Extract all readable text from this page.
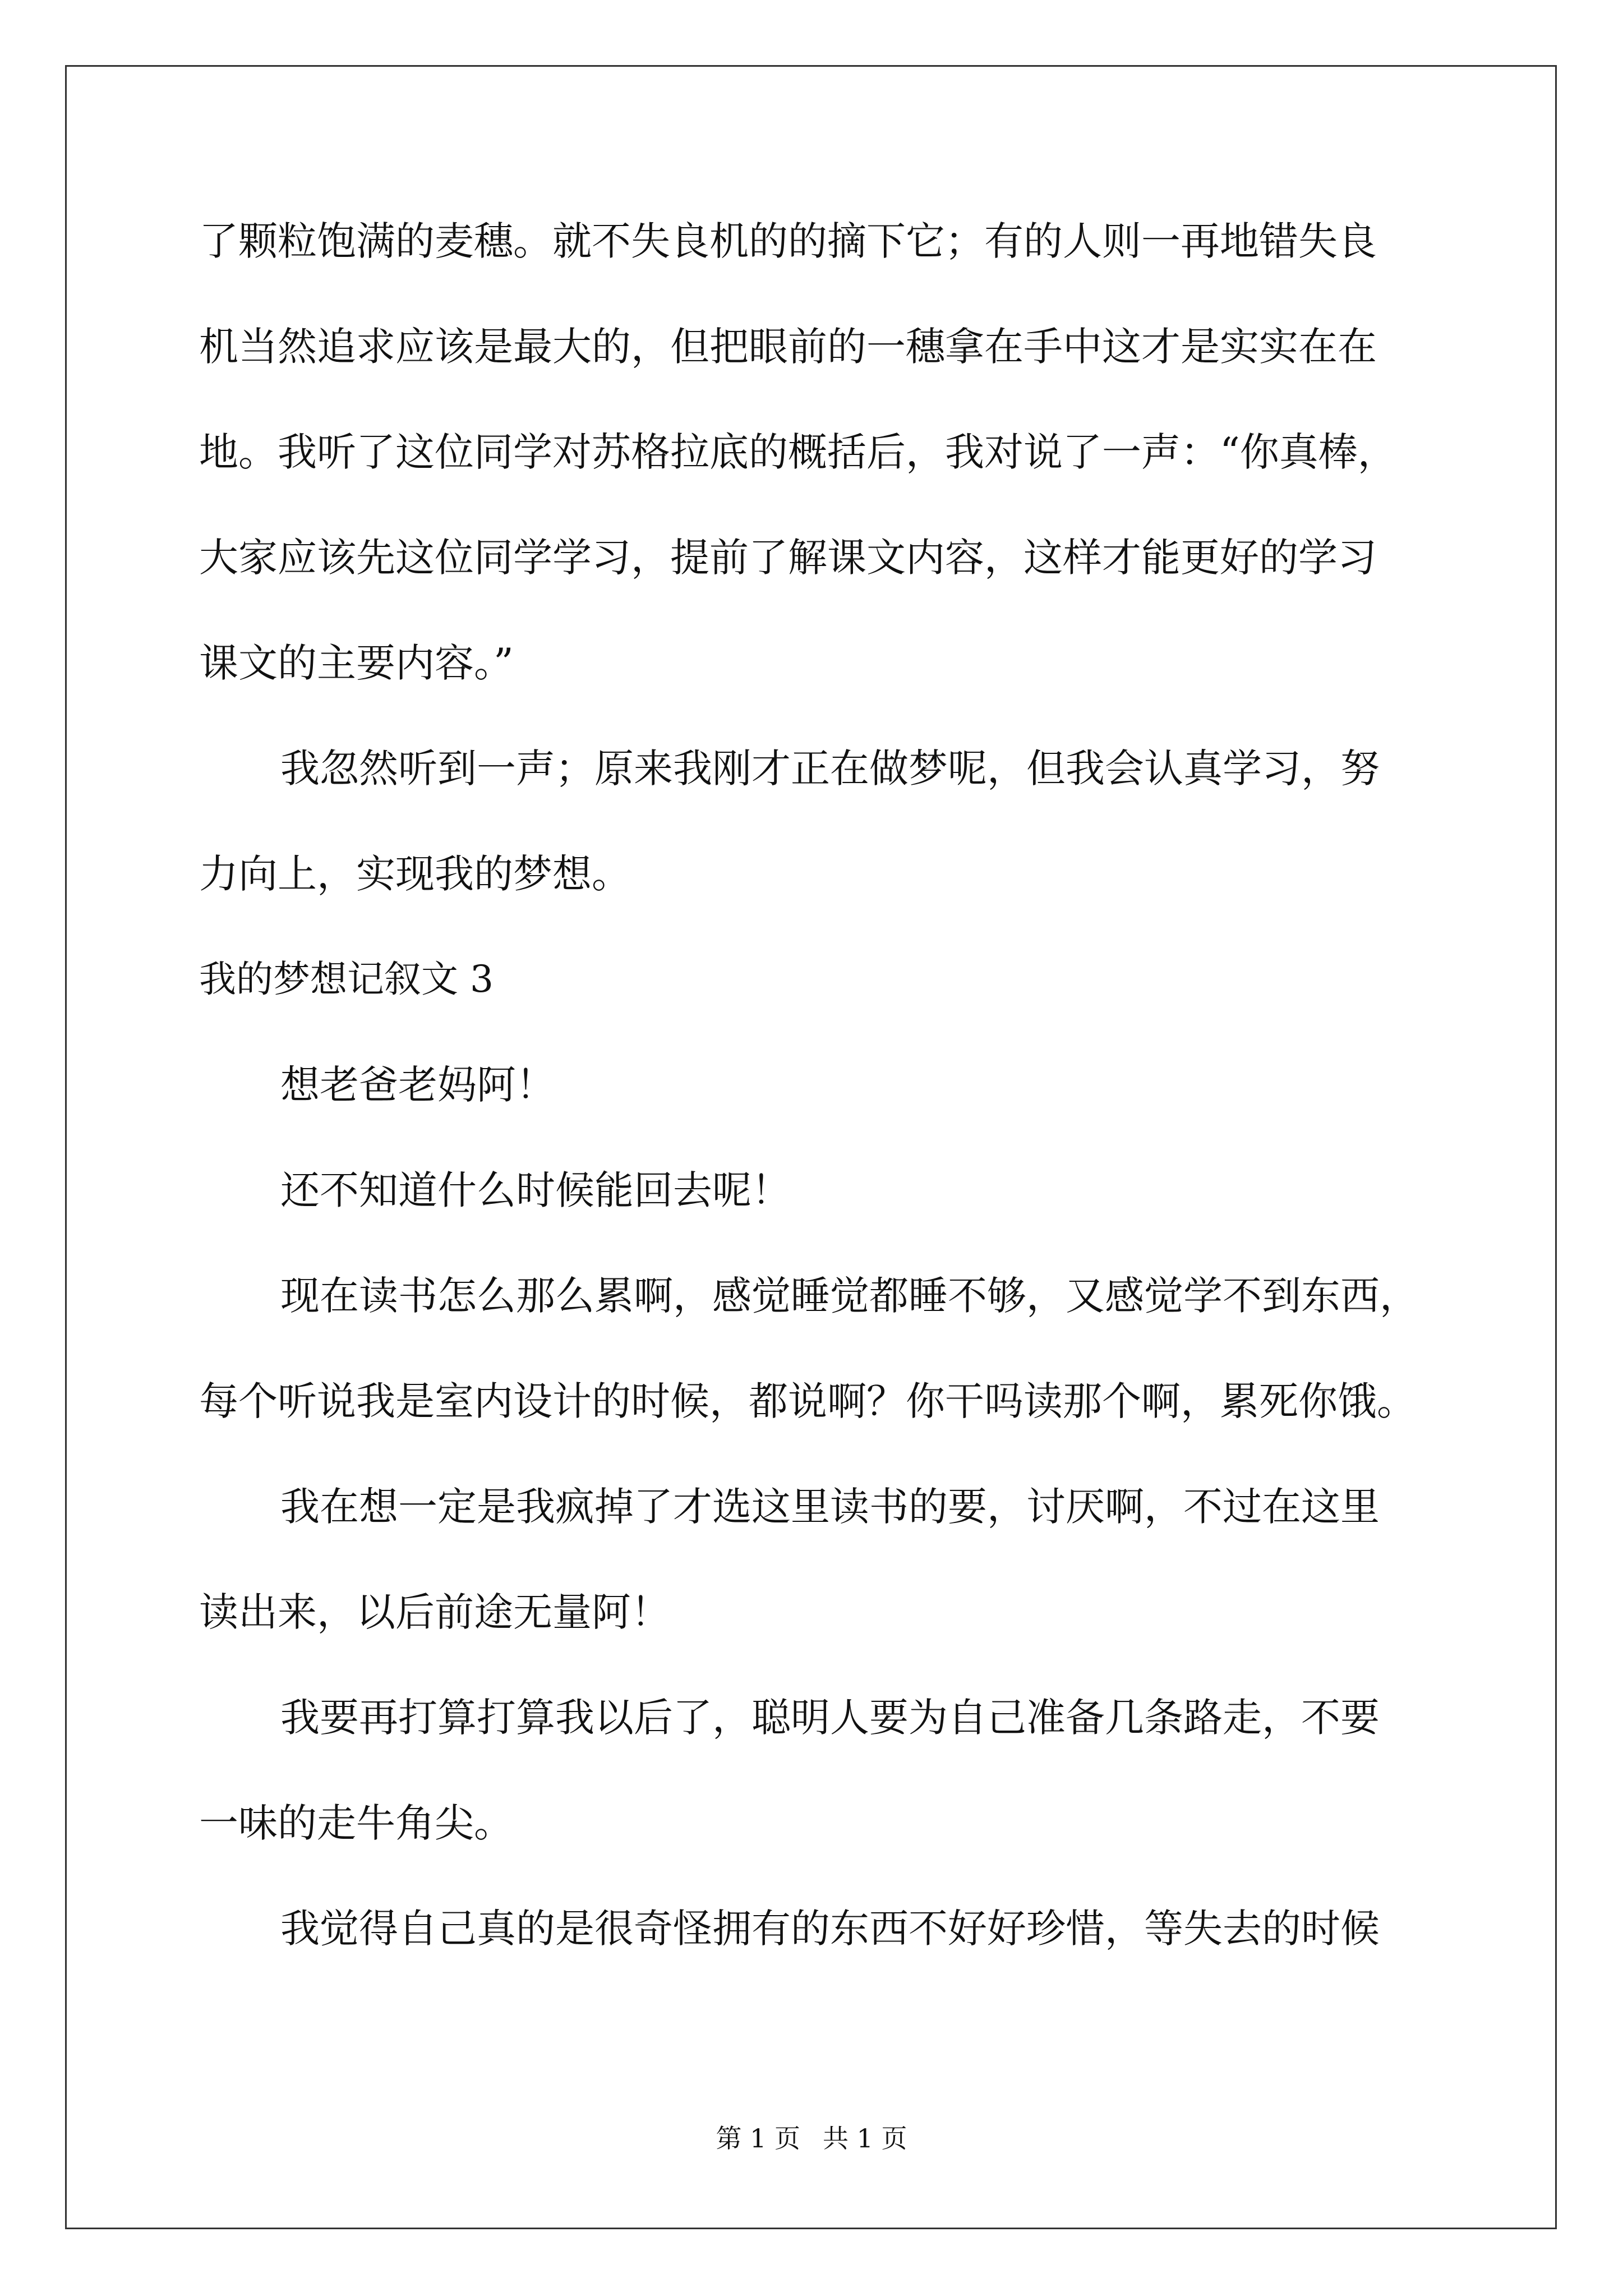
了颗粒饱满的麦穗。就不失良机的的摘下它；有的人则一再地错失良
机当然追求应该是最大的，但把眼前的一穗拿在手中这才是实实在在
地。我听了这位同学对苏格拉底的概括后，我对说了一声：“你真棒，
大家应该先这位同学学习，提前了解课文内容，这样才能更好的学习
课文的主要内容。”
我忽然听到一声；原来我刚才正在做梦呢，但我会认真学习，努
力向上，实现我的梦想。
我的梦想记叙文 3
想老爸老妈阿！
还不知道什么时候能回去呢！
现在读书怎么那么累啊，感觉睡觉都睡不够，又感觉学不到东西，
每个听说我是室内设计的时候，都说啊？你干吗读那个啊，累死你饿。
我在想一定是我疯掉了才选这里读书的要，讨厌啊，不过在这里
读出来，以后前途无量阿！
我要再打算打算我以后了，聪明人要为自己准备几条路走，不要
一味的走牛角尖。
我觉得自己真的是很奇怪拥有的东西不好好珍惜，等失去的时候
第 1 页 共 1 页
